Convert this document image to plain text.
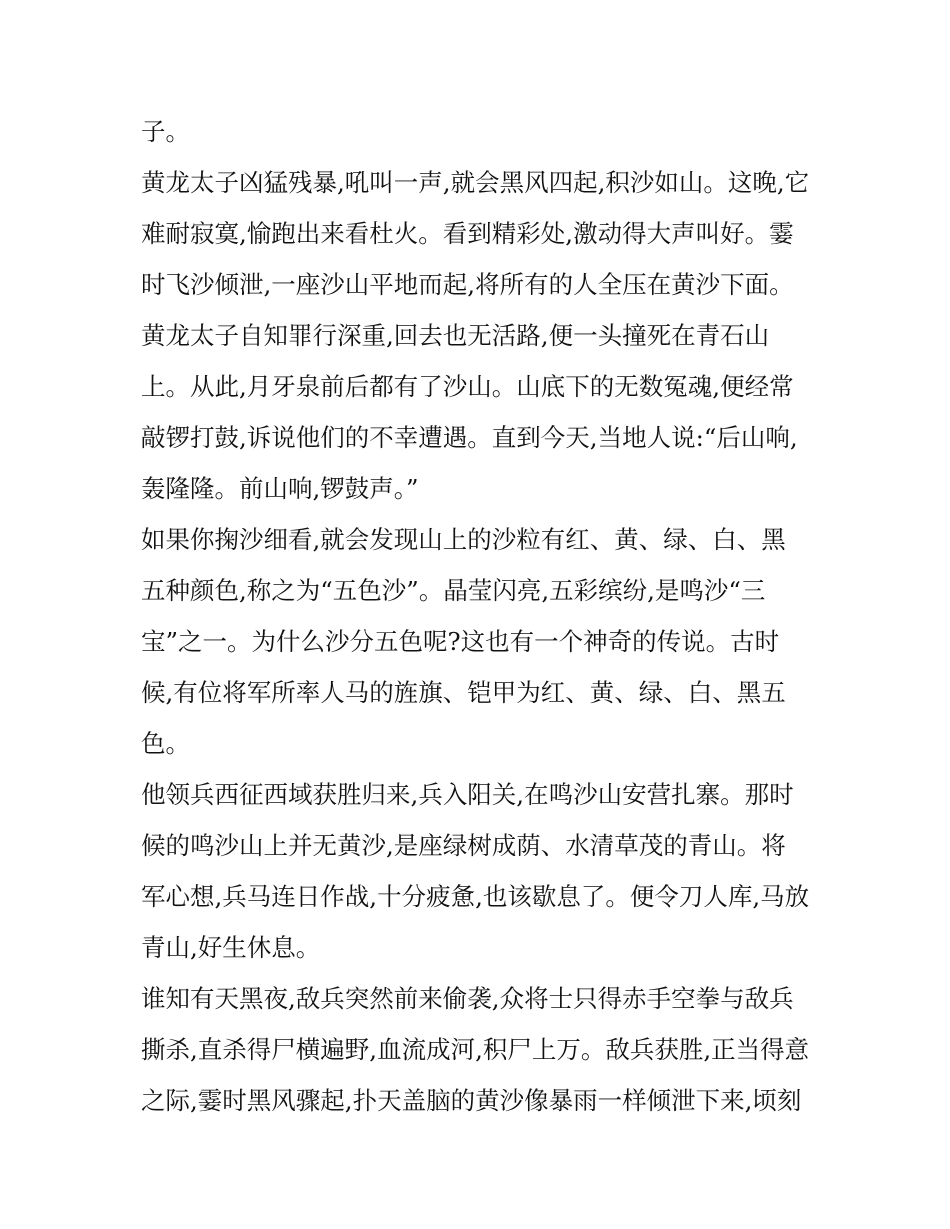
子。
黄龙太子凶猛残暴,吼叫一声,就会黑风四起,积沙如山。这晚,它
难耐寂寞,愉跑出来看杜火。看到精彩处,激动得大声叫好。霎
时飞沙倾泄,一座沙山平地而起,将所有的人全压在黄沙下面。
黄龙太子自知罪行深重,回去也无活路,便一头撞死在青石山
上。从此,月牙泉前后都有了沙山。山底下的无数冤魂,便经常
敲锣打鼓,诉说他们的不幸遭遇。直到今天,当地人说:“后山响,
轰隆隆。前山响,锣鼓声。”
如果你掬沙细看,就会发现山上的沙粒有红、黄、绿、白、黑
五种颜色,称之为“五色沙”。晶莹闪亮,五彩缤纷,是鸣沙“三
宝”之一。为什么沙分五色呢?这也有一个神奇的传说。古时
候,有位将军所率人马的旌旗、铠甲为红、黄、绿、白、黑五
色。
他领兵西征西域获胜归来,兵入阳关,在鸣沙山安营扎寨。那时
候的鸣沙山上并无黄沙,是座绿树成荫、水清草茂的青山。将
军心想,兵马连日作战,十分疲惫,也该歇息了。便令刀人库,马放
青山,好生休息。
谁知有天黑夜,敌兵突然前来偷袭,众将士只得赤手空拳与敌兵
撕杀,直杀得尸横遍野,血流成河,积尸上万。敌兵获胜,正当得意
之际,霎时黑风骤起,扑天盖脑的黄沙像暴雨一样倾泄下来,顷刻
